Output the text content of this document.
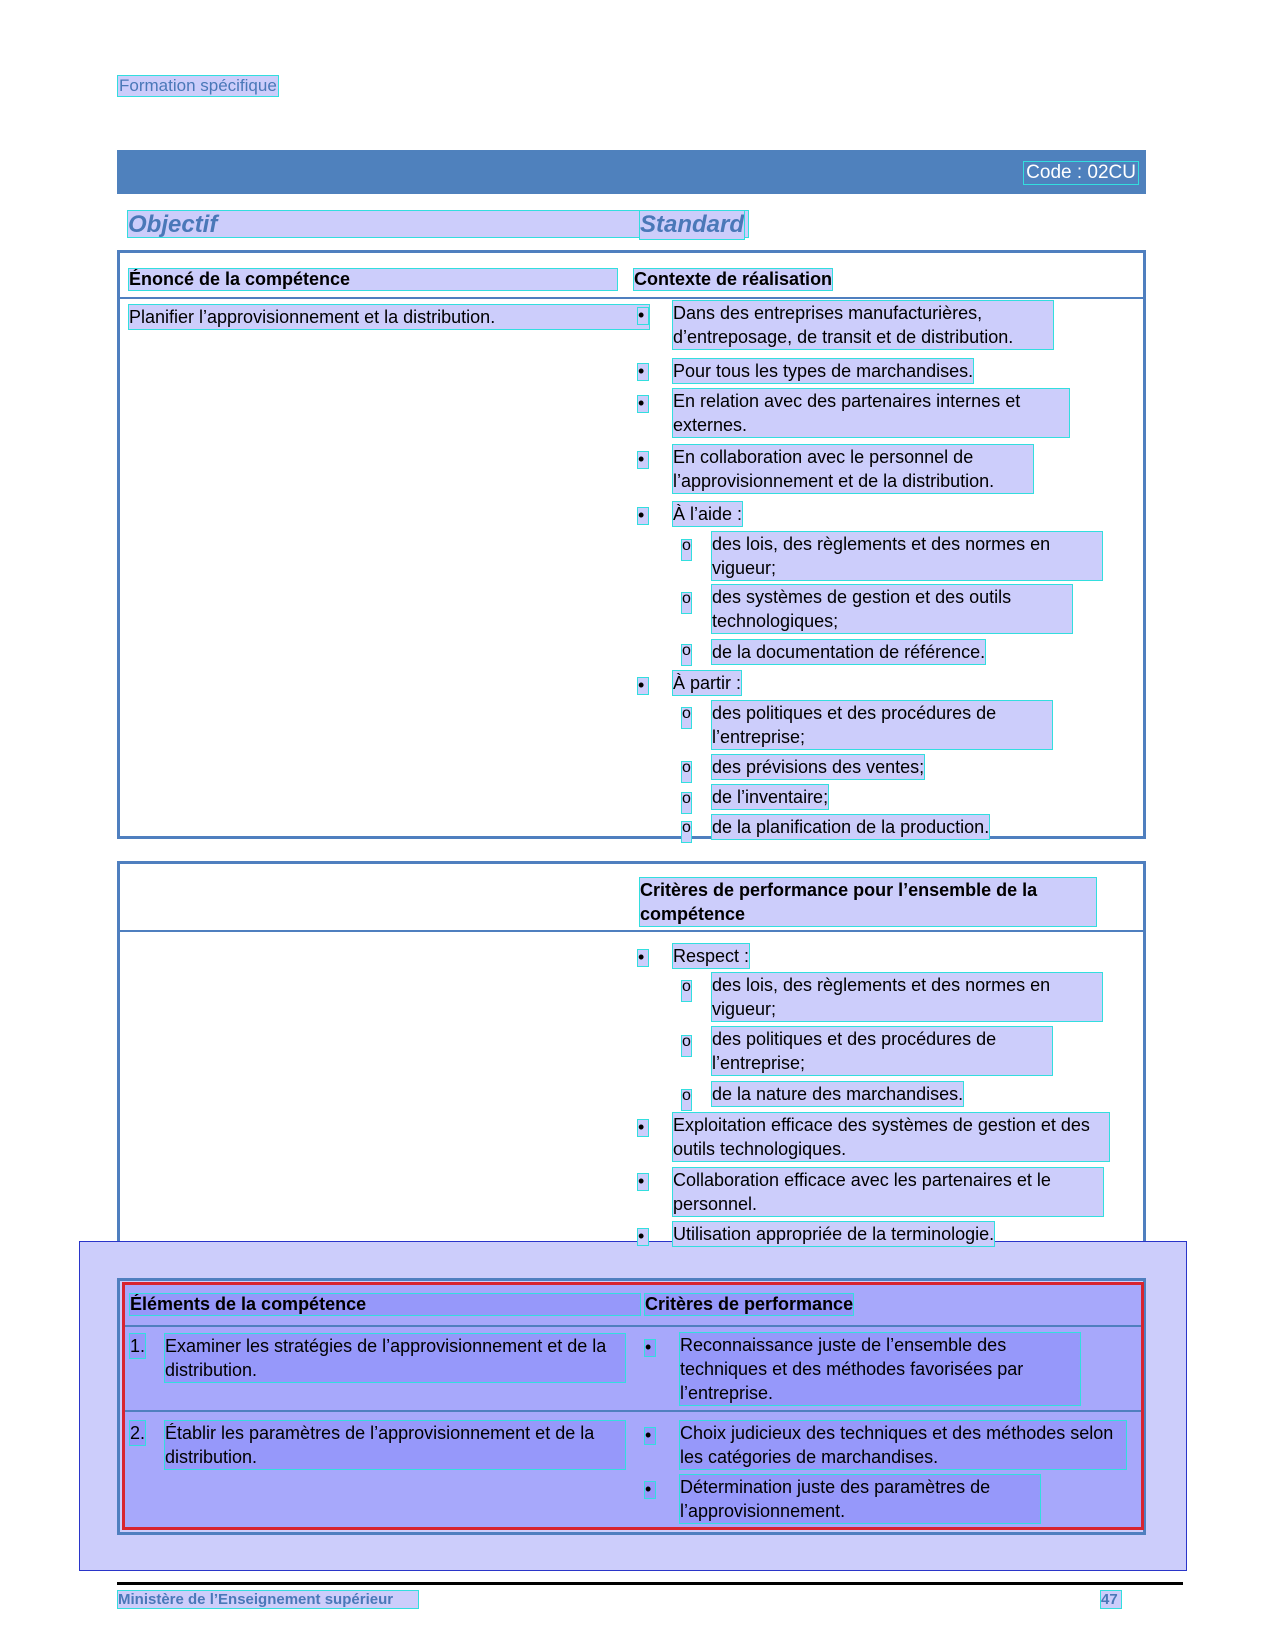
Formation spécifique
Code : 02CU
Objectif	Standard
Énoncé de la compétence	Contexte de réalisation
Planifier l’approvisionnement et la distribution.
•	Dans des entreprises manufacturières, d’entreposage, de transit et de distribution.
•
Pour tous les types de marchandises.
•
En relation avec des partenaires internes et externes.
•
En collaboration avec le personnel de l’approvisionnement et de la distribution.
•
À l’aide :
o
des lois, des règlements et des normes en vigueur;
o
des systèmes de gestion et des outils technologiques;
o
de la documentation de référence.
•
À partir :
o
des politiques et des procédures de l’entreprise;
o
des prévisions des ventes;
o
de l’inventaire;
o
de la planification de la production.
Critères de performance pour l’ensemble de la compétence
•
Respect :
o
des lois, des règlements et des normes en vigueur;
o
des politiques et des procédures de l’entreprise;
o
de la nature des marchandises.
•
Exploitation efficace des systèmes de gestion et des outils technologiques.
•
Collaboration efficace avec les partenaires et le personnel.
•
Utilisation appropriée de la terminologie.
Éléments de la compétence	Critères de performance
1. Examiner les stratégies de l’approvisionnement et de la distribution.
•
Reconnaissance juste de l’ensemble des techniques et des méthodes favorisées par l’entreprise.
2. Établir les paramètres de l’approvisionnement et de la distribution.
•
Choix judicieux des techniques et des méthodes selon les catégories de marchandises.
•
Détermination juste des paramètres de l’approvisionnement.
Ministère de l’Enseignement supérieur	47
